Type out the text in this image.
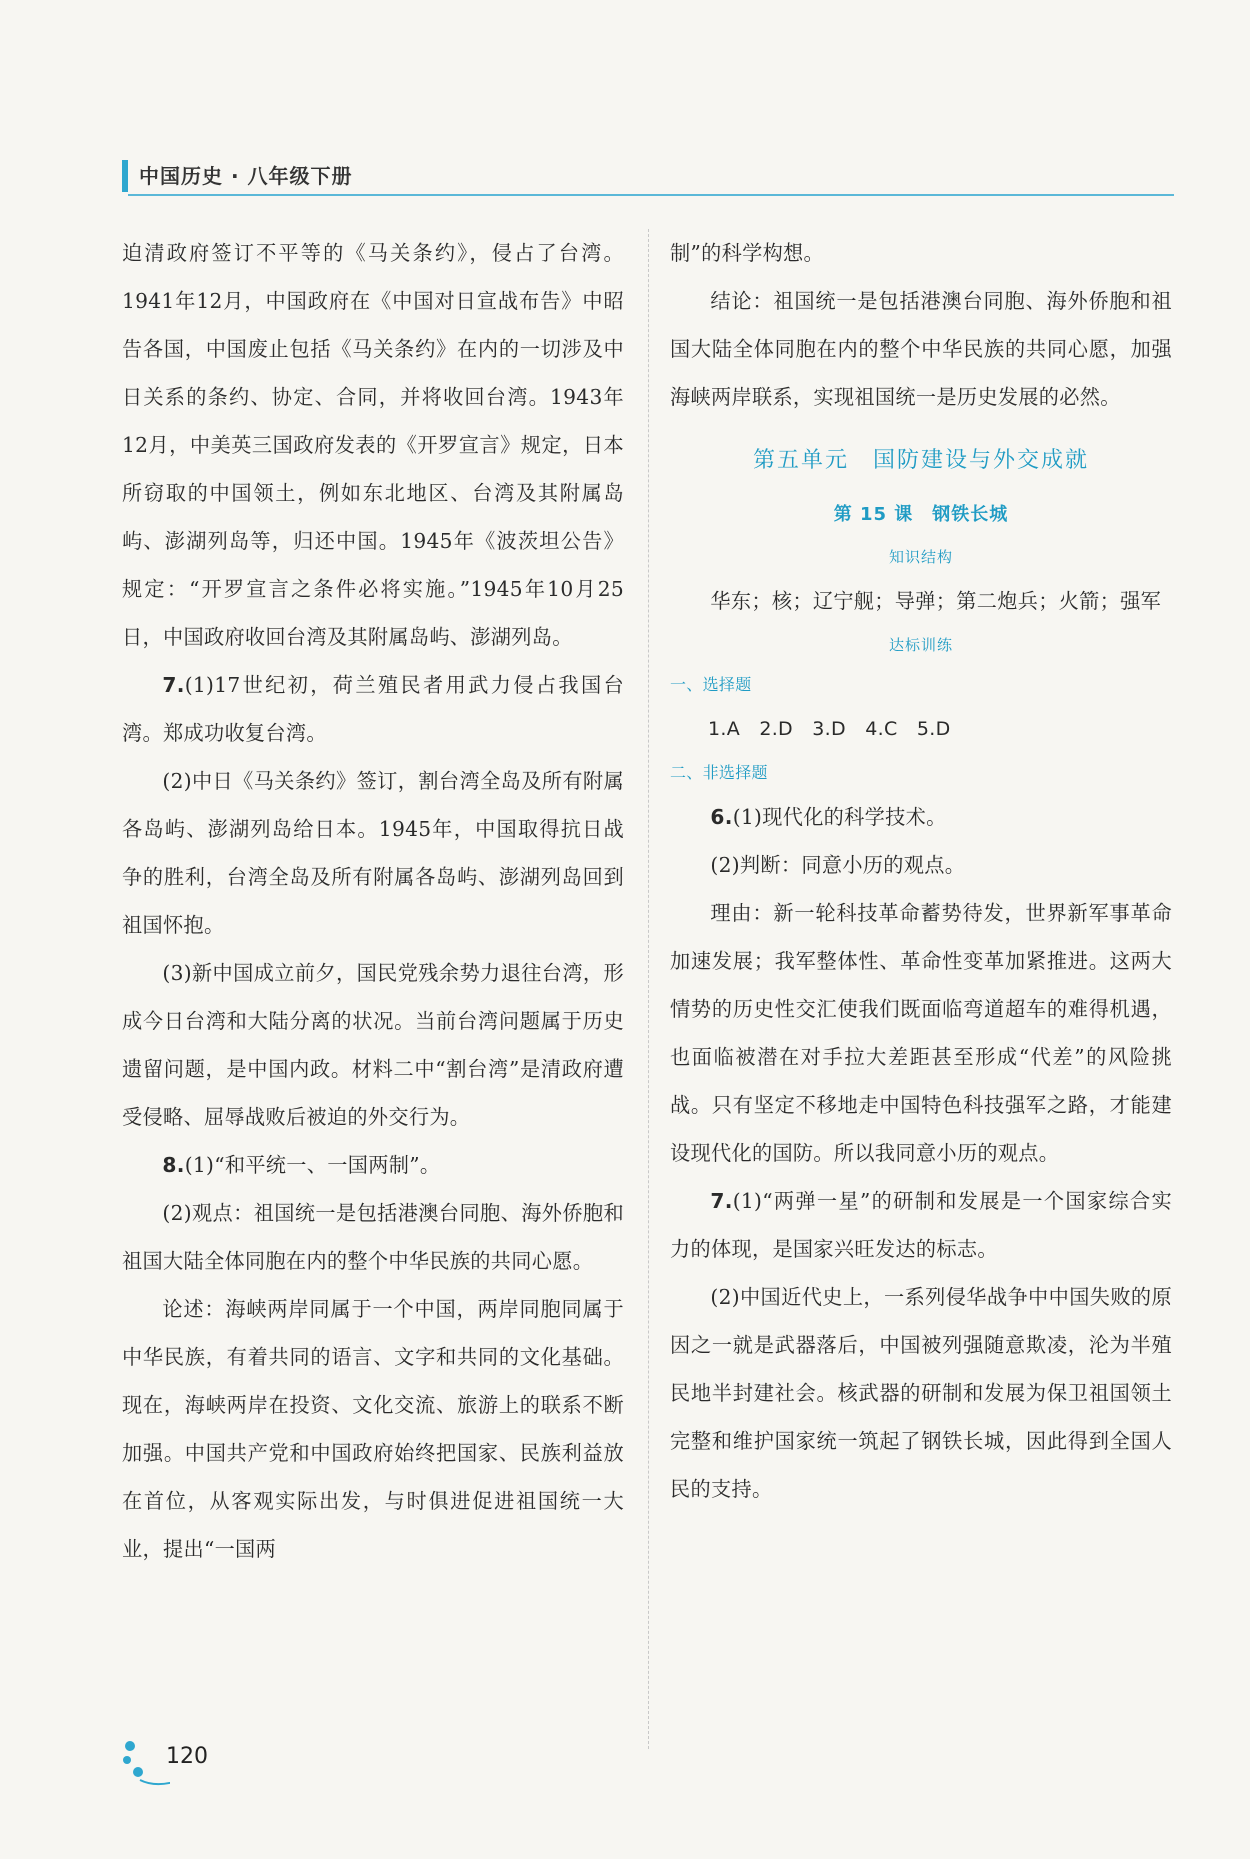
中国历史 · 八年级下册

迫清政府签订不平等的《马关条约》，侵占了台湾。1941年12月，中国政府在《中国对日宣战布告》中昭告各国，中国废止包括《马关条约》在内的一切涉及中日关系的条约、协定、合同，并将收回台湾。1943年12月，中美英三国政府发表的《开罗宣言》规定，日本所窃取的中国领土，例如东北地区、台湾及其附属岛屿、澎湖列岛等，归还中国。1945年《波茨坦公告》规定：“开罗宣言之条件必将实施。”1945年10月25日，中国政府收回台湾及其附属岛屿、澎湖列岛。

7.(1)17世纪初，荷兰殖民者用武力侵占我国台湾。郑成功收复台湾。

(2)中日《马关条约》签订，割台湾全岛及所有附属各岛屿、澎湖列岛给日本。1945年，中国取得抗日战争的胜利，台湾全岛及所有附属各岛屿、澎湖列岛回到祖国怀抱。

(3)新中国成立前夕，国民党残余势力退往台湾，形成今日台湾和大陆分离的状况。当前台湾问题属于历史遗留问题，是中国内政。材料二中“割台湾”是清政府遭受侵略、屈辱战败后被迫的外交行为。

8.(1)“和平统一、一国两制”。

(2)观点：祖国统一是包括港澳台同胞、海外侨胞和祖国大陆全体同胞在内的整个中华民族的共同心愿。

论述：海峡两岸同属于一个中国，两岸同胞同属于中华民族，有着共同的语言、文字和共同的文化基础。现在，海峡两岸在投资、文化交流、旅游上的联系不断加强。中国共产党和中国政府始终把国家、民族利益放在首位，从客观实际出发，与时俱进促进祖国统一大业，提出“一国两

制”的科学构想。

结论：祖国统一是包括港澳台同胞、海外侨胞和祖国大陆全体同胞在内的整个中华民族的共同心愿，加强海峡两岸联系，实现祖国统一是历史发展的必然。

第五单元　国防建设与外交成就

第 15 课　钢铁长城

知识结构

华东；核；辽宁舰；导弹；第二炮兵；火箭；强军

达标训练

一、选择题

1.A　2.D　3.D　4.C　5.D

二、非选择题

6.(1)现代化的科学技术。

(2)判断：同意小历的观点。

理由：新一轮科技革命蓄势待发，世界新军事革命加速发展；我军整体性、革命性变革加紧推进。这两大情势的历史性交汇使我们既面临弯道超车的难得机遇，也面临被潜在对手拉大差距甚至形成“代差”的风险挑战。只有坚定不移地走中国特色科技强军之路，才能建设现代化的国防。所以我同意小历的观点。

7.(1)“两弹一星”的研制和发展是一个国家综合实力的体现，是国家兴旺发达的标志。

(2)中国近代史上，一系列侵华战争中中国失败的原因之一就是武器落后，中国被列强随意欺凌，沦为半殖民地半封建社会。核武器的研制和发展为保卫祖国领土完整和维护国家统一筑起了钢铁长城，因此得到全国人民的支持。

120
